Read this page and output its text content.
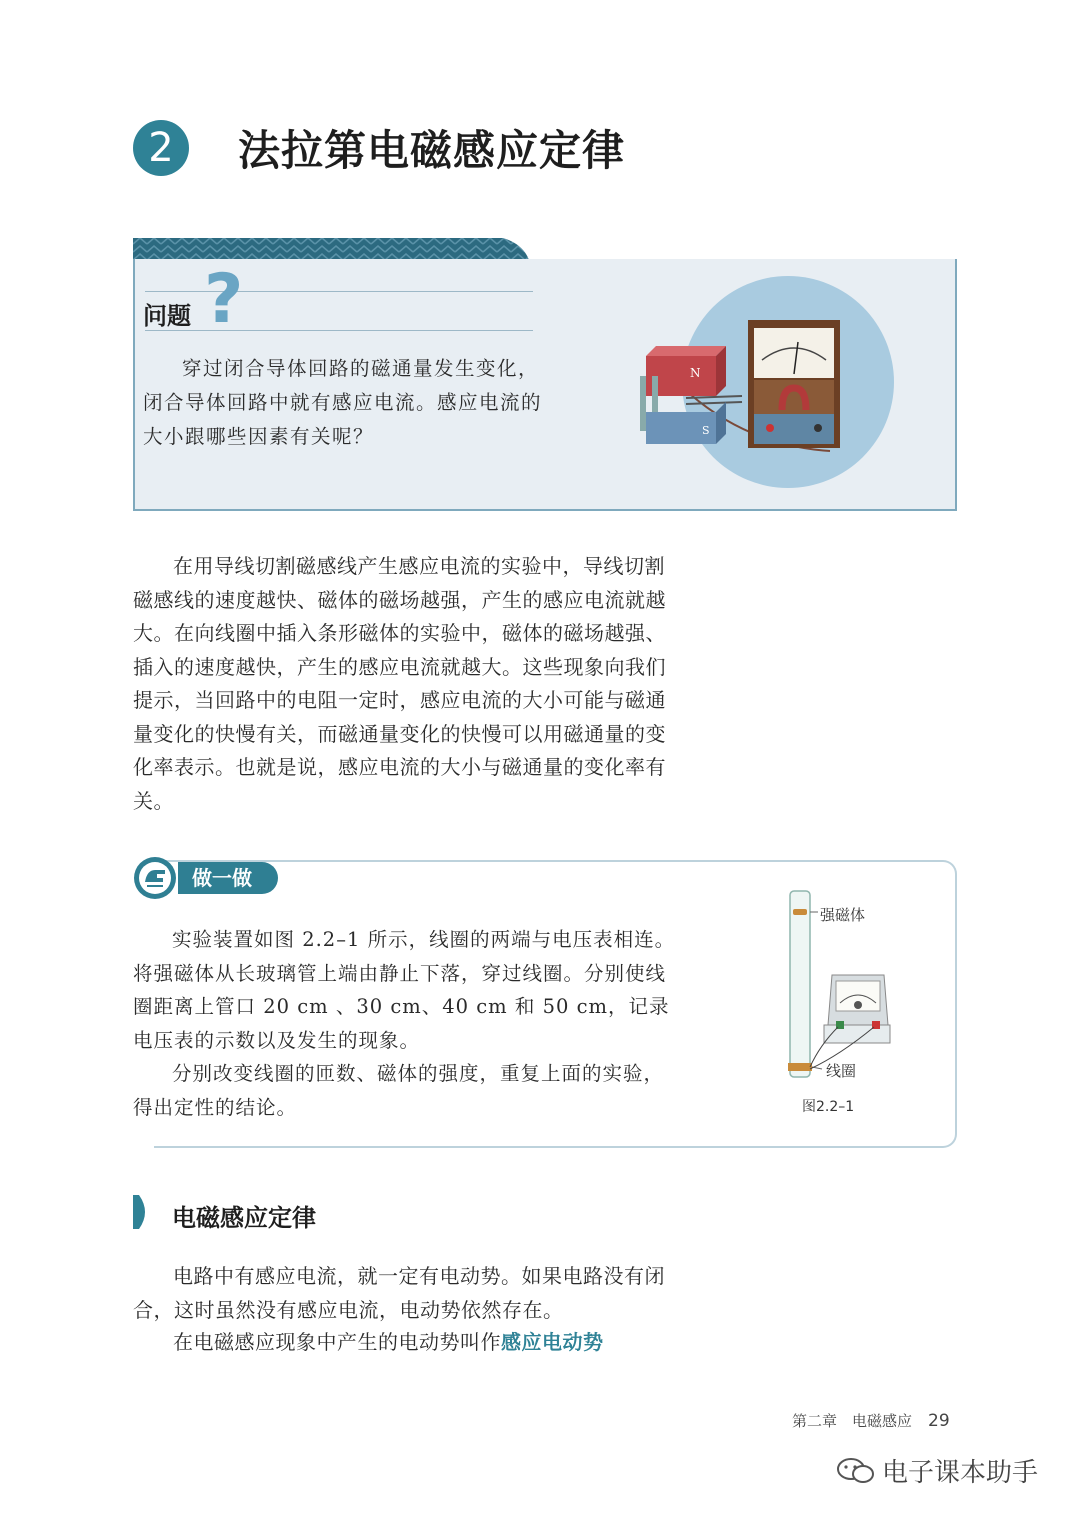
2	法拉第电磁感应定律
问题 ?

穿过闭合导体回路的磁通量发生变化，闭合导体回路中就有感应电流。感应电流的大小跟哪些因素有关呢？

N
S

在用导线切割磁感线产生感应电流的实验中，导线切割磁感线的速度越快、磁体的磁场越强，产生的感应电流就越大。在向线圈中插入条形磁体的实验中，磁体的磁场越强、插入的速度越快，产生的感应电流就越大。这些现象向我们提示，当回路中的电阻一定时，感应电流的大小可能与磁通量变化的快慢有关，而磁通量变化的快慢可以用磁通量的变化率表示。也就是说，感应电流的大小与磁通量的变化率有关。

做一做

实验装置如图 2.2–1 所示，线圈的两端与电压表相连。将强磁体从长玻璃管上端由静止下落，穿过线圈。分别使线圈距离上管口 20 cm 、30 cm、40 cm 和 50 cm，记录电压表的示数以及发生的现象。

分别改变线圈的匝数、磁体的强度，重复上面的实验，得出定性的结论。

强磁体
线圈
图2.2–1
电磁感应定律

电路中有感应电流，就一定有电动势。如果电路没有闭合，这时虽然没有感应电流，电动势依然存在。

在电磁感应现象中产生的电动势叫作感应电动势

第二章　电磁感应 29
电子课本助手
